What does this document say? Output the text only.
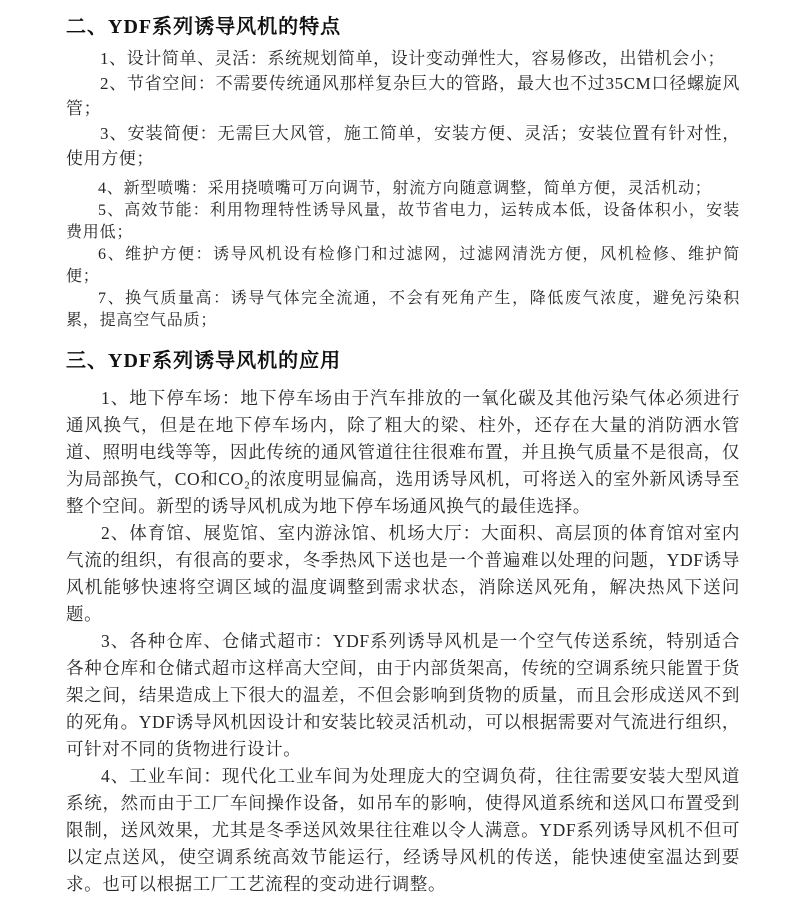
二、YDF系列诱导风机的特点

1、设计简单、灵活：系统规划简单，设计变动弹性大，容易修改，出错机会小；

2、节省空间：不需要传统通风那样复杂巨大的管路，最大也不过35CM口径螺旋风管；

3、安装简便：无需巨大风管，施工简单，安装方便、灵活；安装位置有针对性，使用方便；

4、新型喷嘴：采用挠喷嘴可万向调节，射流方向随意调整，简单方便，灵活机动；

5、高效节能：利用物理特性诱导风量，故节省电力，运转成本低，设备体积小，安装费用低；

6、维护方便：诱导风机设有检修门和过滤网，过滤网清洗方便，风机检修、维护简便；

7、换气质量高：诱导气体完全流通，不会有死角产生，降低废气浓度，避免污染积累，提高空气品质；

三、YDF系列诱导风机的应用

1、地下停车场：地下停车场由于汽车排放的一氧化碳及其他污染气体必须进行通风换气，但是在地下停车场内，除了粗大的梁、柱外，还存在大量的消防洒水管道、照明电线等等，因此传统的通风管道往往很难布置，并且换气质量不是很高，仅为局部换气，CO和CO₂的浓度明显偏高，选用诱导风机，可将送入的室外新风诱导至整个空间。新型的诱导风机成为地下停车场通风换气的最佳选择。

2、体育馆、展览馆、室内游泳馆、机场大厅：大面积、高层顶的体育馆对室内气流的组织，有很高的要求，冬季热风下送也是一个普遍难以处理的问题，YDF诱导风机能够快速将空调区域的温度调整到需求状态，消除送风死角，解决热风下送问题。

3、各种仓库、仓储式超市：YDF系列诱导风机是一个空气传送系统，特别适合各种仓库和仓储式超市这样高大空间，由于内部货架高，传统的空调系统只能置于货架之间，结果造成上下很大的温差，不但会影响到货物的质量，而且会形成送风不到的死角。YDF诱导风机因设计和安装比较灵活机动，可以根据需要对气流进行组织，可针对不同的货物进行设计。

4、工业车间：现代化工业车间为处理庞大的空调负荷，往往需要安装大型风道系统，然而由于工厂车间操作设备，如吊车的影响，使得风道系统和送风口布置受到限制，送风效果，尤其是冬季送风效果往往难以令人满意。YDF系列诱导风机不但可以定点送风，使空调系统高效节能运行，经诱导风机的传送，能快速使室温达到要求。也可以根据工厂工艺流程的变动进行调整。
